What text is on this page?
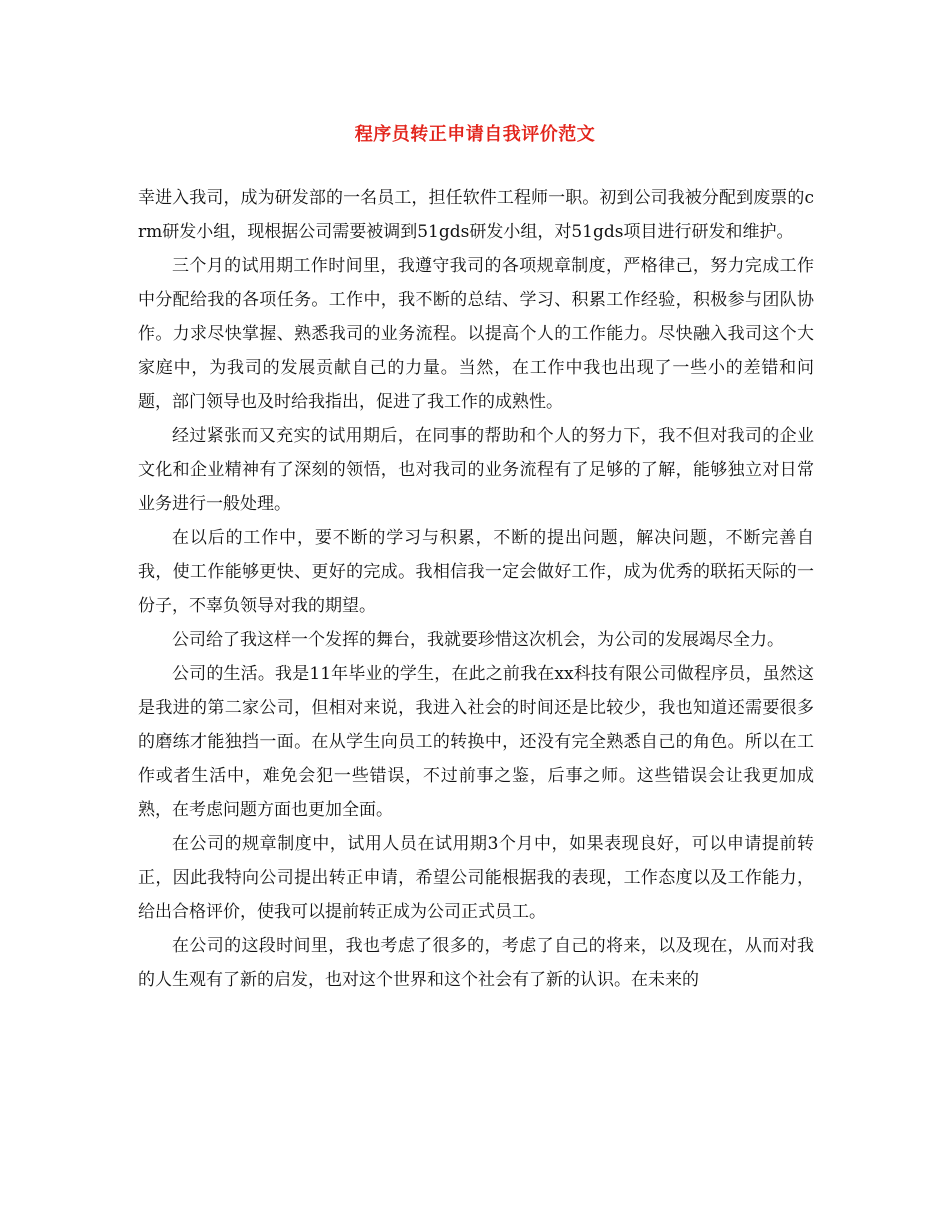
程序员转正申请自我评价范文

幸进入我司，成为研发部的一名员工，担任软件工程师一职。初到公司我被分配到废票的crm研发小组，现根据公司需要被调到51gds研发小组，对51gds项目进行研发和维护。

三个月的试用期工作时间里，我遵守我司的各项规章制度，严格律己，努力完成工作中分配给我的各项任务。工作中，我不断的总结、学习、积累工作经验，积极参与团队协作。力求尽快掌握、熟悉我司的业务流程。以提高个人的工作能力。尽快融入我司这个大家庭中，为我司的发展贡献自己的力量。当然，在工作中我也出现了一些小的差错和问题，部门领导也及时给我指出，促进了我工作的成熟性。

经过紧张而又充实的试用期后，在同事的帮助和个人的努力下，我不但对我司的企业文化和企业精神有了深刻的领悟，也对我司的业务流程有了足够的了解，能够独立对日常业务进行一般处理。

在以后的工作中，要不断的学习与积累，不断的提出问题，解决问题，不断完善自我，使工作能够更快、更好的完成。我相信我一定会做好工作，成为优秀的联拓天际的一份子，不辜负领导对我的期望。

公司给了我这样一个发挥的舞台，我就要珍惜这次机会，为公司的发展竭尽全力。

公司的生活。我是11年毕业的学生，在此之前我在xx科技有限公司做程序员，虽然这是我进的第二家公司，但相对来说，我进入社会的时间还是比较少，我也知道还需要很多的磨练才能独挡一面。在从学生向员工的转换中，还没有完全熟悉自己的角色。所以在工作或者生活中，难免会犯一些错误，不过前事之鉴，后事之师。这些错误会让我更加成熟，在考虑问题方面也更加全面。

在公司的规章制度中，试用人员在试用期3个月中，如果表现良好，可以申请提前转正，因此我特向公司提出转正申请，希望公司能根据我的表现，工作态度以及工作能力，给出合格评价，使我可以提前转正成为公司正式员工。

在公司的这段时间里，我也考虑了很多的，考虑了自己的将来，以及现在，从而对我的人生观有了新的启发，也对这个世界和这个社会有了新的认识。在未来的
